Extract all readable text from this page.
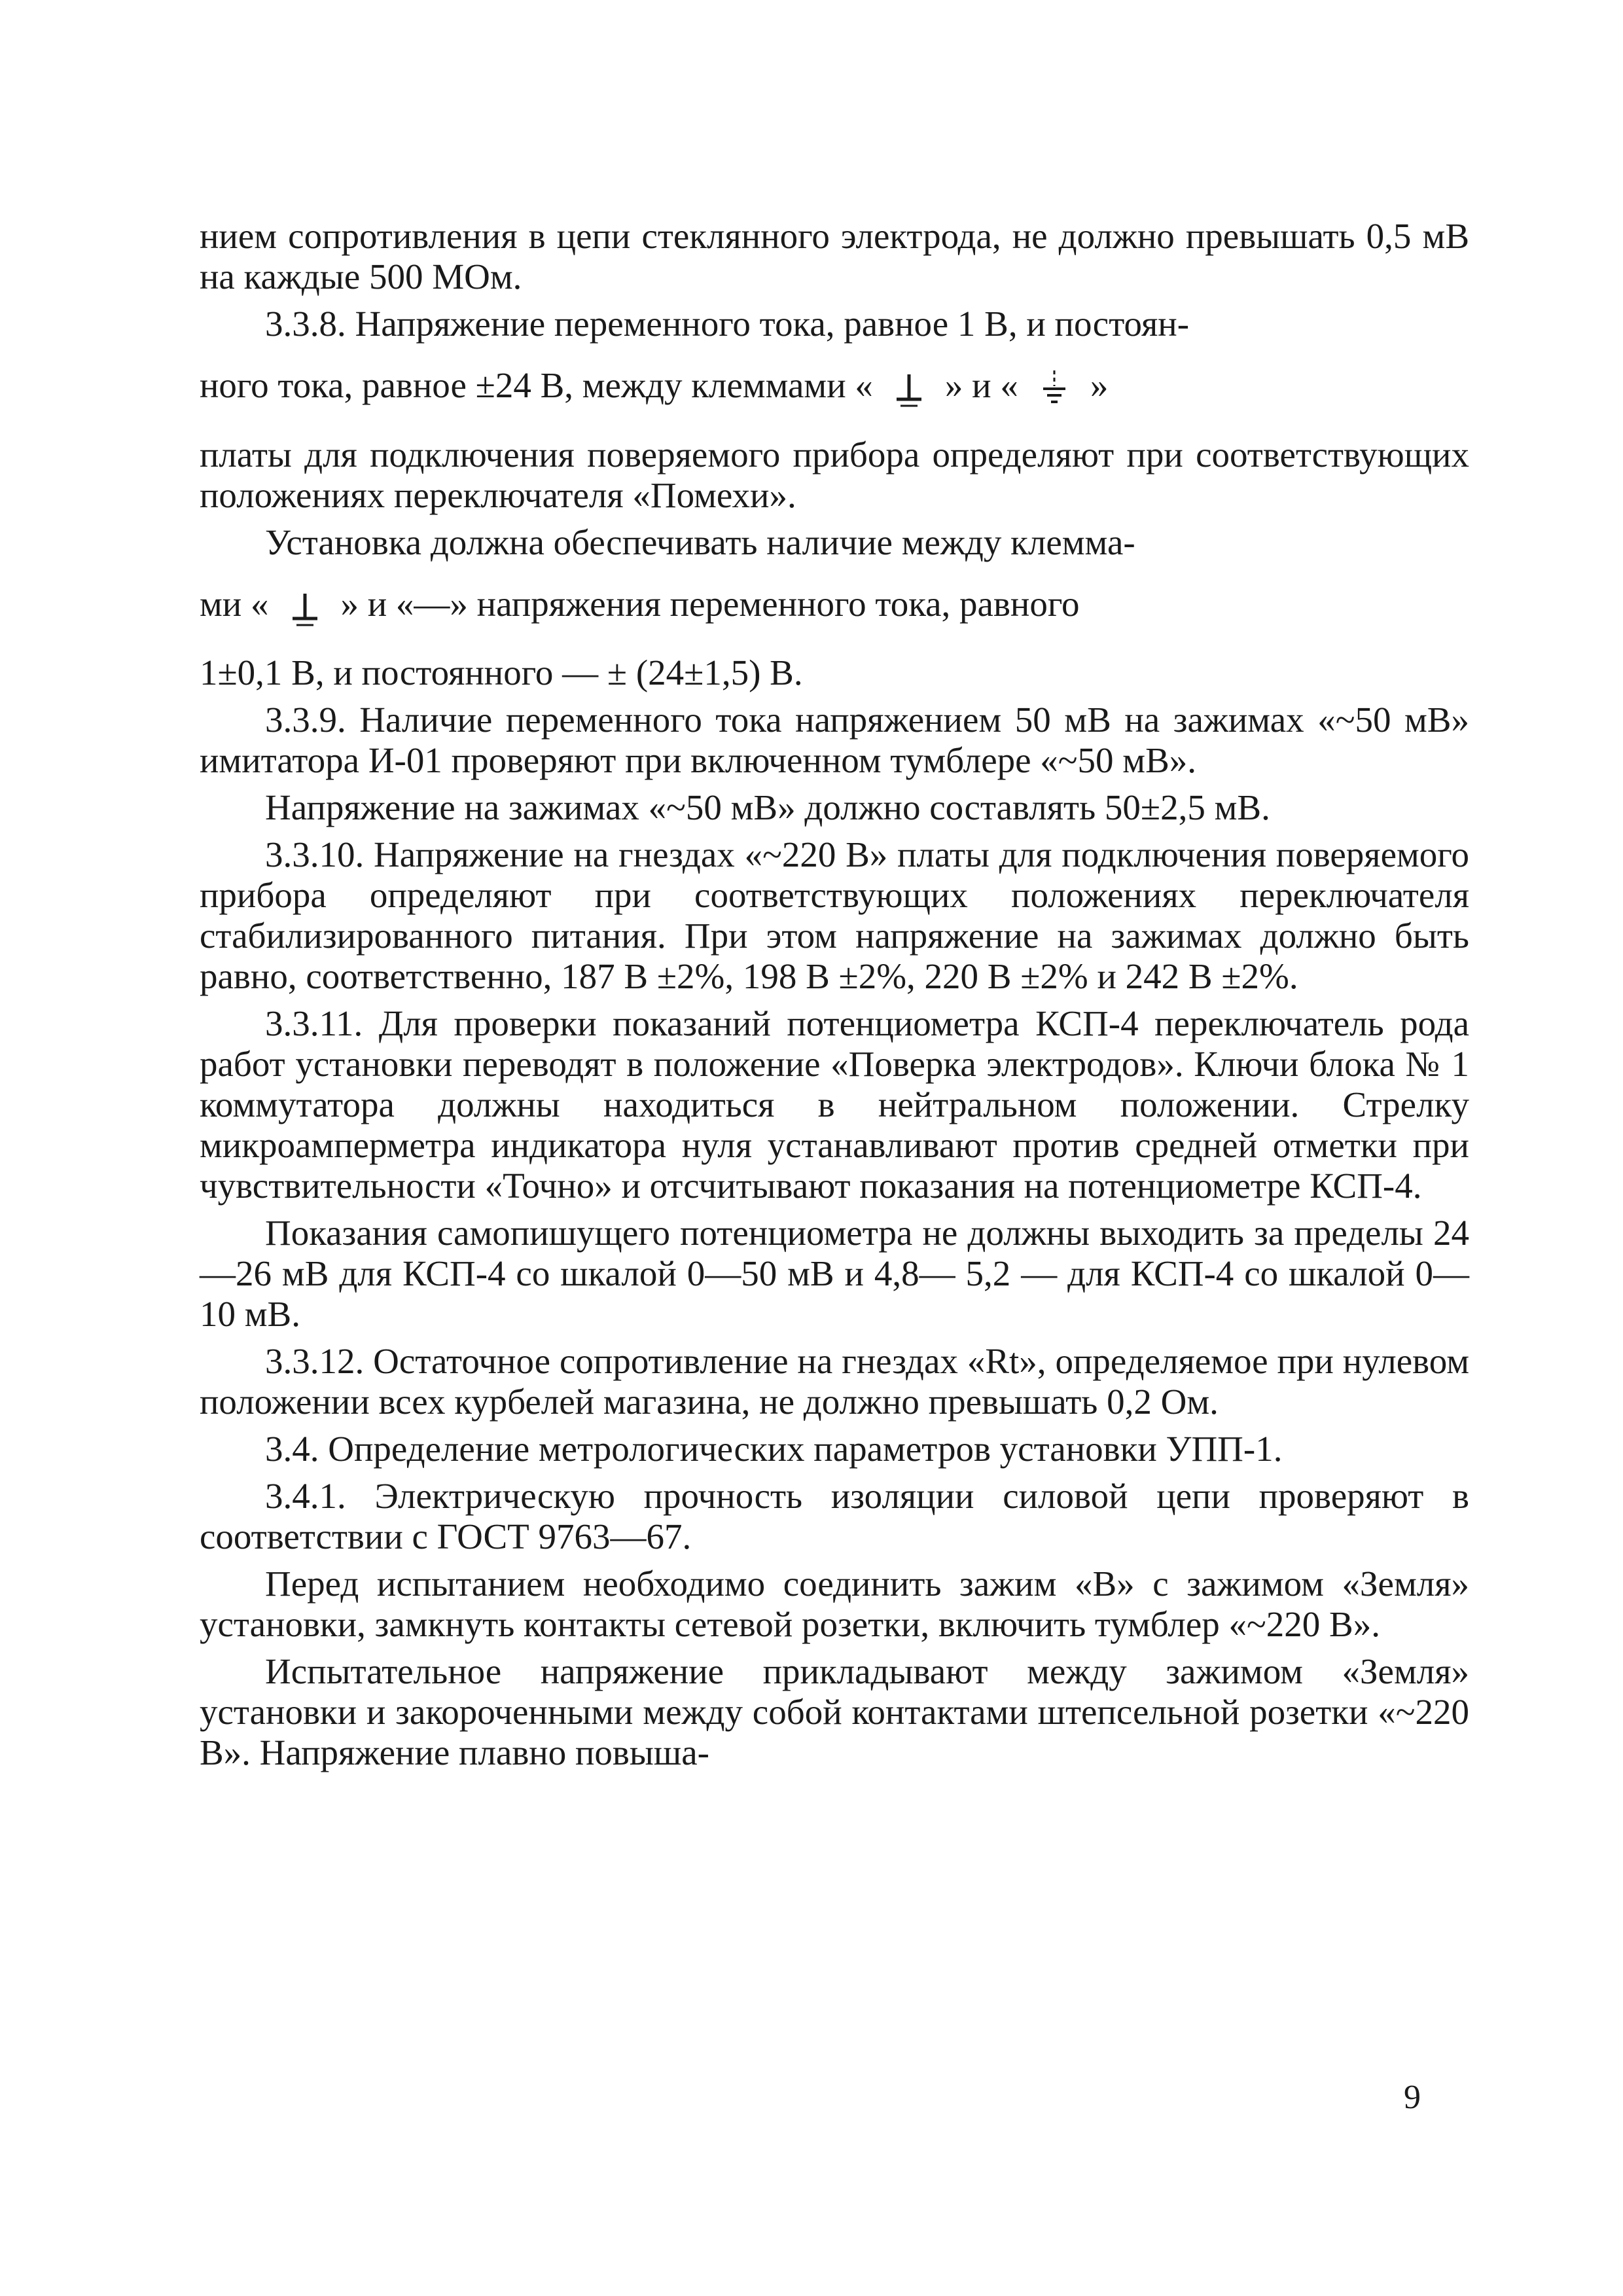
нием сопротивления в цепи стеклянного электрода, не должно превышать 0,5 мВ на каждые 500 МОм.

3.3.8. Напряжение переменного тока, равное 1 В, и постоян-

ного тока, равное ±24 В, между клеммами « » и « »

платы для подключения поверяемого прибора определяют при соответствующих положениях переключателя «Помехи».

Установка должна обеспечивать наличие между клемма-

ми « » и «—» напряжения переменного тока, равного

1±0,1 В, и постоянного — ± (24±1,5) В.

3.3.9. Наличие переменного тока напряжением 50 мВ на зажимах «~50 мВ» имитатора И-01 проверяют при включенном тумблере «~50 мВ».

Напряжение на зажимах «~50 мВ» должно составлять 50±2,5 мВ.

3.3.10. Напряжение на гнездах «~220 В» платы для подключения поверяемого прибора определяют при соответствующих положениях переключателя стабилизированного питания. При этом напряжение на зажимах должно быть равно, соответственно, 187 В ±2%, 198 В ±2%, 220 В ±2% и 242 В ±2%.

3.3.11. Для проверки показаний потенциометра КСП-4 переключатель рода работ установки переводят в положение «Поверка электродов». Ключи блока № 1 коммутатора должны находиться в нейтральном положении. Стрелку микроамперметра индикатора нуля устанавливают против средней отметки при чувствительности «Точно» и отсчитывают показания на потенциометре КСП-4.

Показания самопишущего потенциометра не должны выходить за пределы 24—26 мВ для КСП-4 со шкалой 0—50 мВ и 4,8— 5,2 — для КСП-4 со шкалой 0—10 мВ.

3.3.12. Остаточное сопротивление на гнездах «Rt», определяемое при нулевом положении всех курбелей магазина, не должно превышать 0,2 Ом.

3.4. Определение метрологических параметров установки УПП-1.

3.4.1. Электрическую прочность изоляции силовой цепи проверяют в соответствии с ГОСТ 9763—67.

Перед испытанием необходимо соединить зажим «В» с зажимом «Земля» установки, замкнуть контакты сетевой розетки, включить тумблер «~220 В».

Испытательное напряжение прикладывают между зажимом «Земля» установки и закороченными между собой контактами штепсельной розетки «~220 В». Напряжение плавно повыша-

9
